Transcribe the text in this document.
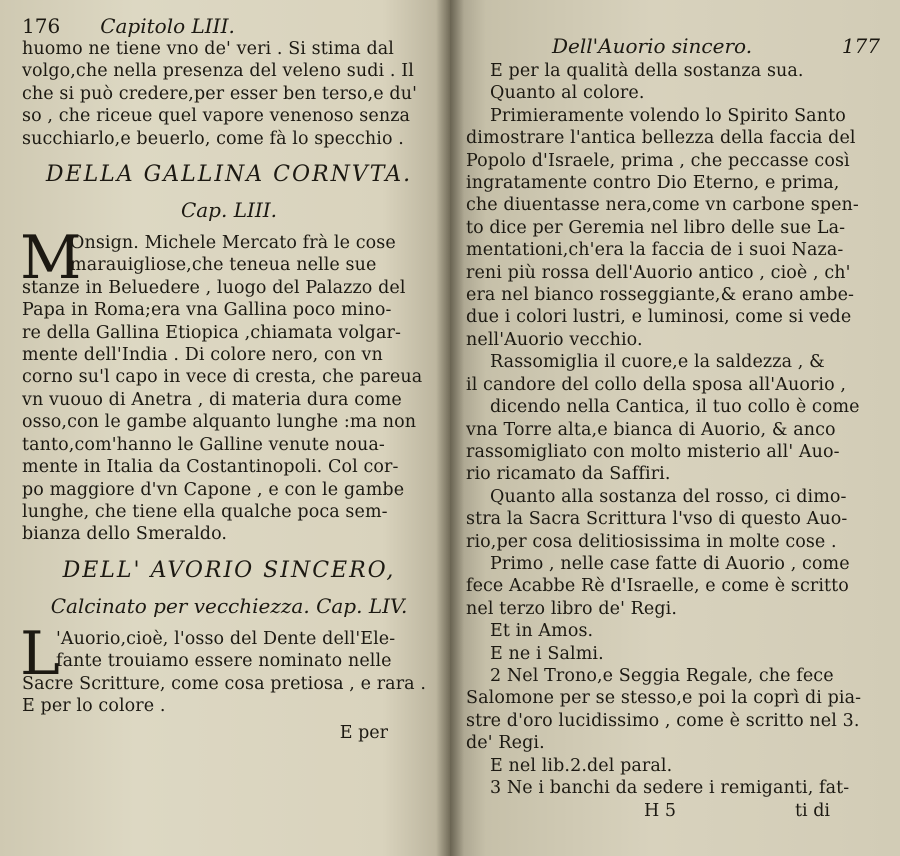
176 Capitolo LIII.
huomo ne tiene vno de' veri . Si stima dal
volgo,che nella presenza del veleno sudi . Il
che si può credere,per esser ben terso,e du'
so , che riceue quel vapore venenoso senza
succhiarlo,e beuerlo, come fà lo specchio .
DELLA GALLINA CORNVTA.
Cap. LIII.
M
Onsign. Michele Mercato frà le cose
marauigliose,che teneua nelle sue
stanze in Beluedere , luogo del Palazzo del
Papa in Roma;era vna Gallina poco mino-
re della Gallina Etiopica ,chiamata volgar-
mente dell'India . Di colore nero, con vn
corno su'l capo in vece di cresta, che pareua
vn vuouo di Anetra , di materia dura come
osso,con le gambe alquanto lunghe :ma non
tanto,com'hanno le Galline venute noua-
mente in Italia da Costantinopoli. Col cor-
po maggiore d'vn Capone , e con le gambe
lunghe, che tiene ella qualche poca sem-
bianza dello Smeraldo.
DELL' AVORIO SINCERO,
Calcinato per vecchiezza. Cap. LIV.
L
'Auorio,cioè, l'osso del Dente dell'Ele-
fante trouiamo essere nominato nelle
Sacre Scritture, come cosa pretiosa , e rara .
E per lo colore .
E per
Dell'Auorio sincero.	177
E per la qualità della sostanza sua.
Quanto al colore.
Primieramente volendo lo Spirito Santo
dimostrare l'antica bellezza della faccia del
Popolo d'Israele, prima , che peccasse così
ingratamente contro Dio Eterno, e prima,
che diuentasse nera,come vn carbone spen-
to dice per Geremia nel libro delle sue La-
mentationi,ch'era la faccia de i suoi Naza-
reni più rossa dell'Auorio antico , cioè , ch'
era nel bianco rosseggiante,& erano ambe-
due i colori lustri, e luminosi, come si vede
nell'Auorio vecchio.
Rassomiglia il cuore,e la saldezza , &
il candore del collo della sposa all'Auorio ,
dicendo nella Cantica, il tuo collo è come
vna Torre alta,e bianca di Auorio, & anco
rassomigliato con molto misterio all' Auo-
rio ricamato da Saffiri.
Quanto alla sostanza del rosso, ci dimo-
stra la Sacra Scrittura l'vso di questo Auo-
rio,per cosa delitiosissima in molte cose .
Primo , nelle case fatte di Auorio , come
fece Acabbe Rè d'Israelle, e come è scritto
nel terzo libro de' Regi.
Et in Amos.
E ne i Salmi.
2 Nel Trono,e Seggia Regale, che fece
Salomone per se stesso,e poi la coprì di pia-
stre d'oro lucidissimo , come è scritto nel 3.
de' Regi.
E nel lib.2.del paral.
3 Ne i banchi da sedere i remiganti, fat-
H 5	ti di
